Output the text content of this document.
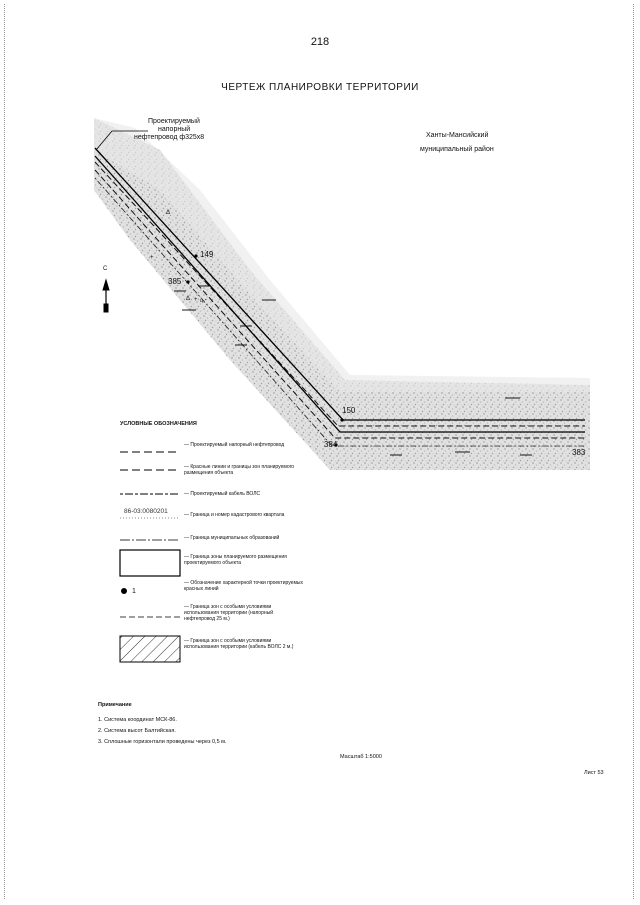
218
ЧЕРТЕЖ ПЛАНИРОВКИ ТЕРРИТОРИИ
Проектируемый
напорный
нефтепровод ф325х8	Ханты-Мансийский
муниципальный район
149
385
150
384
383
С
Δ + -
ц
+
Δ
УСЛОВНЫЕ ОБОЗНАЧЕНИЯ
— Проектируемый напорный нефтепровод
— Красные линии и границы зон планируемого размещения объекта
— Проектируемый кабель ВОЛС
86-03:0080201	— Граница и номер кадастрового квартала
— Граница муниципальных образований
— Граница зоны планируемого размещения проектируемого объекта
1
— Обозначение характерной точки проектируемых красных линий
— Граница зон с особыми условиями использования территории (напорный нефтепровод 25 м.)
— Граница зон с особыми условиями использования территории (кабель ВОЛС 2 м.)
Примечание
1. Система координат МСК-86.
2. Система высот Балтийская.
3. Сплошные горизонтали проведены через 0,5 м.
Масштаб 1:5000
Лист 53
